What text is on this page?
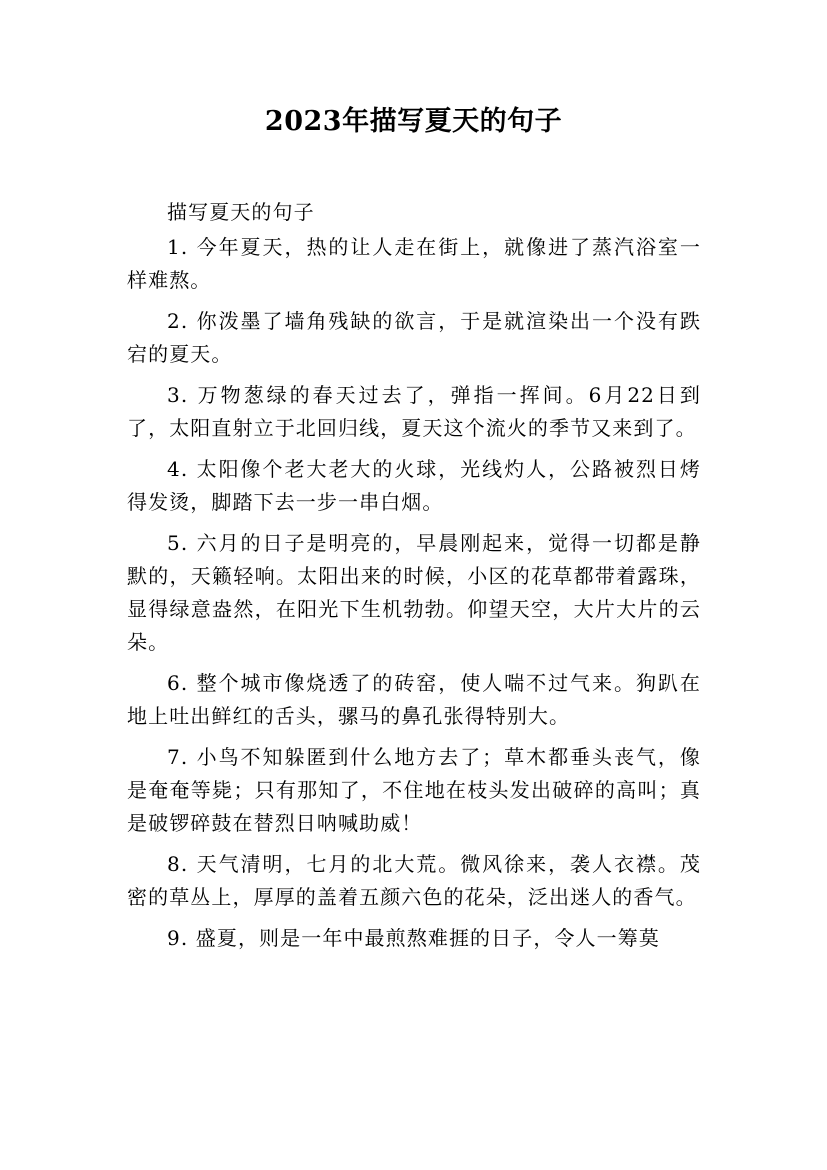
2023年描写夏天的句子

描写夏天的句子

1. 今年夏天，热的让人走在街上，就像进了蒸汽浴室一样难熬。

2. 你泼墨了墙角残缺的欲言，于是就渲染出一个没有跌宕的夏天。

3. 万物葱绿的春天过去了，弹指一挥间。6月22日到了，太阳直射立于北回归线，夏天这个流火的季节又来到了。

4. 太阳像个老大老大的火球，光线灼人，公路被烈日烤得发烫，脚踏下去一步一串白烟。

5. 六月的日子是明亮的，早晨刚起来，觉得一切都是静默的，天籁轻响。太阳出来的时候，小区的花草都带着露珠，显得绿意盎然，在阳光下生机勃勃。仰望天空，大片大片的云朵。

6. 整个城市像烧透了的砖窑，使人喘不过气来。狗趴在地上吐出鲜红的舌头，骡马的鼻孔张得特别大。

7. 小鸟不知躲匿到什么地方去了；草木都垂头丧气，像是奄奄等毙；只有那知了，不住地在枝头发出破碎的高叫；真是破锣碎鼓在替烈日呐喊助威！

8. 天气清明，七月的北大荒。微风徐来，袭人衣襟。茂密的草丛上，厚厚的盖着五颜六色的花朵，泛出迷人的香气。

9. 盛夏，则是一年中最煎熬难捱的日子，令人一筹莫
